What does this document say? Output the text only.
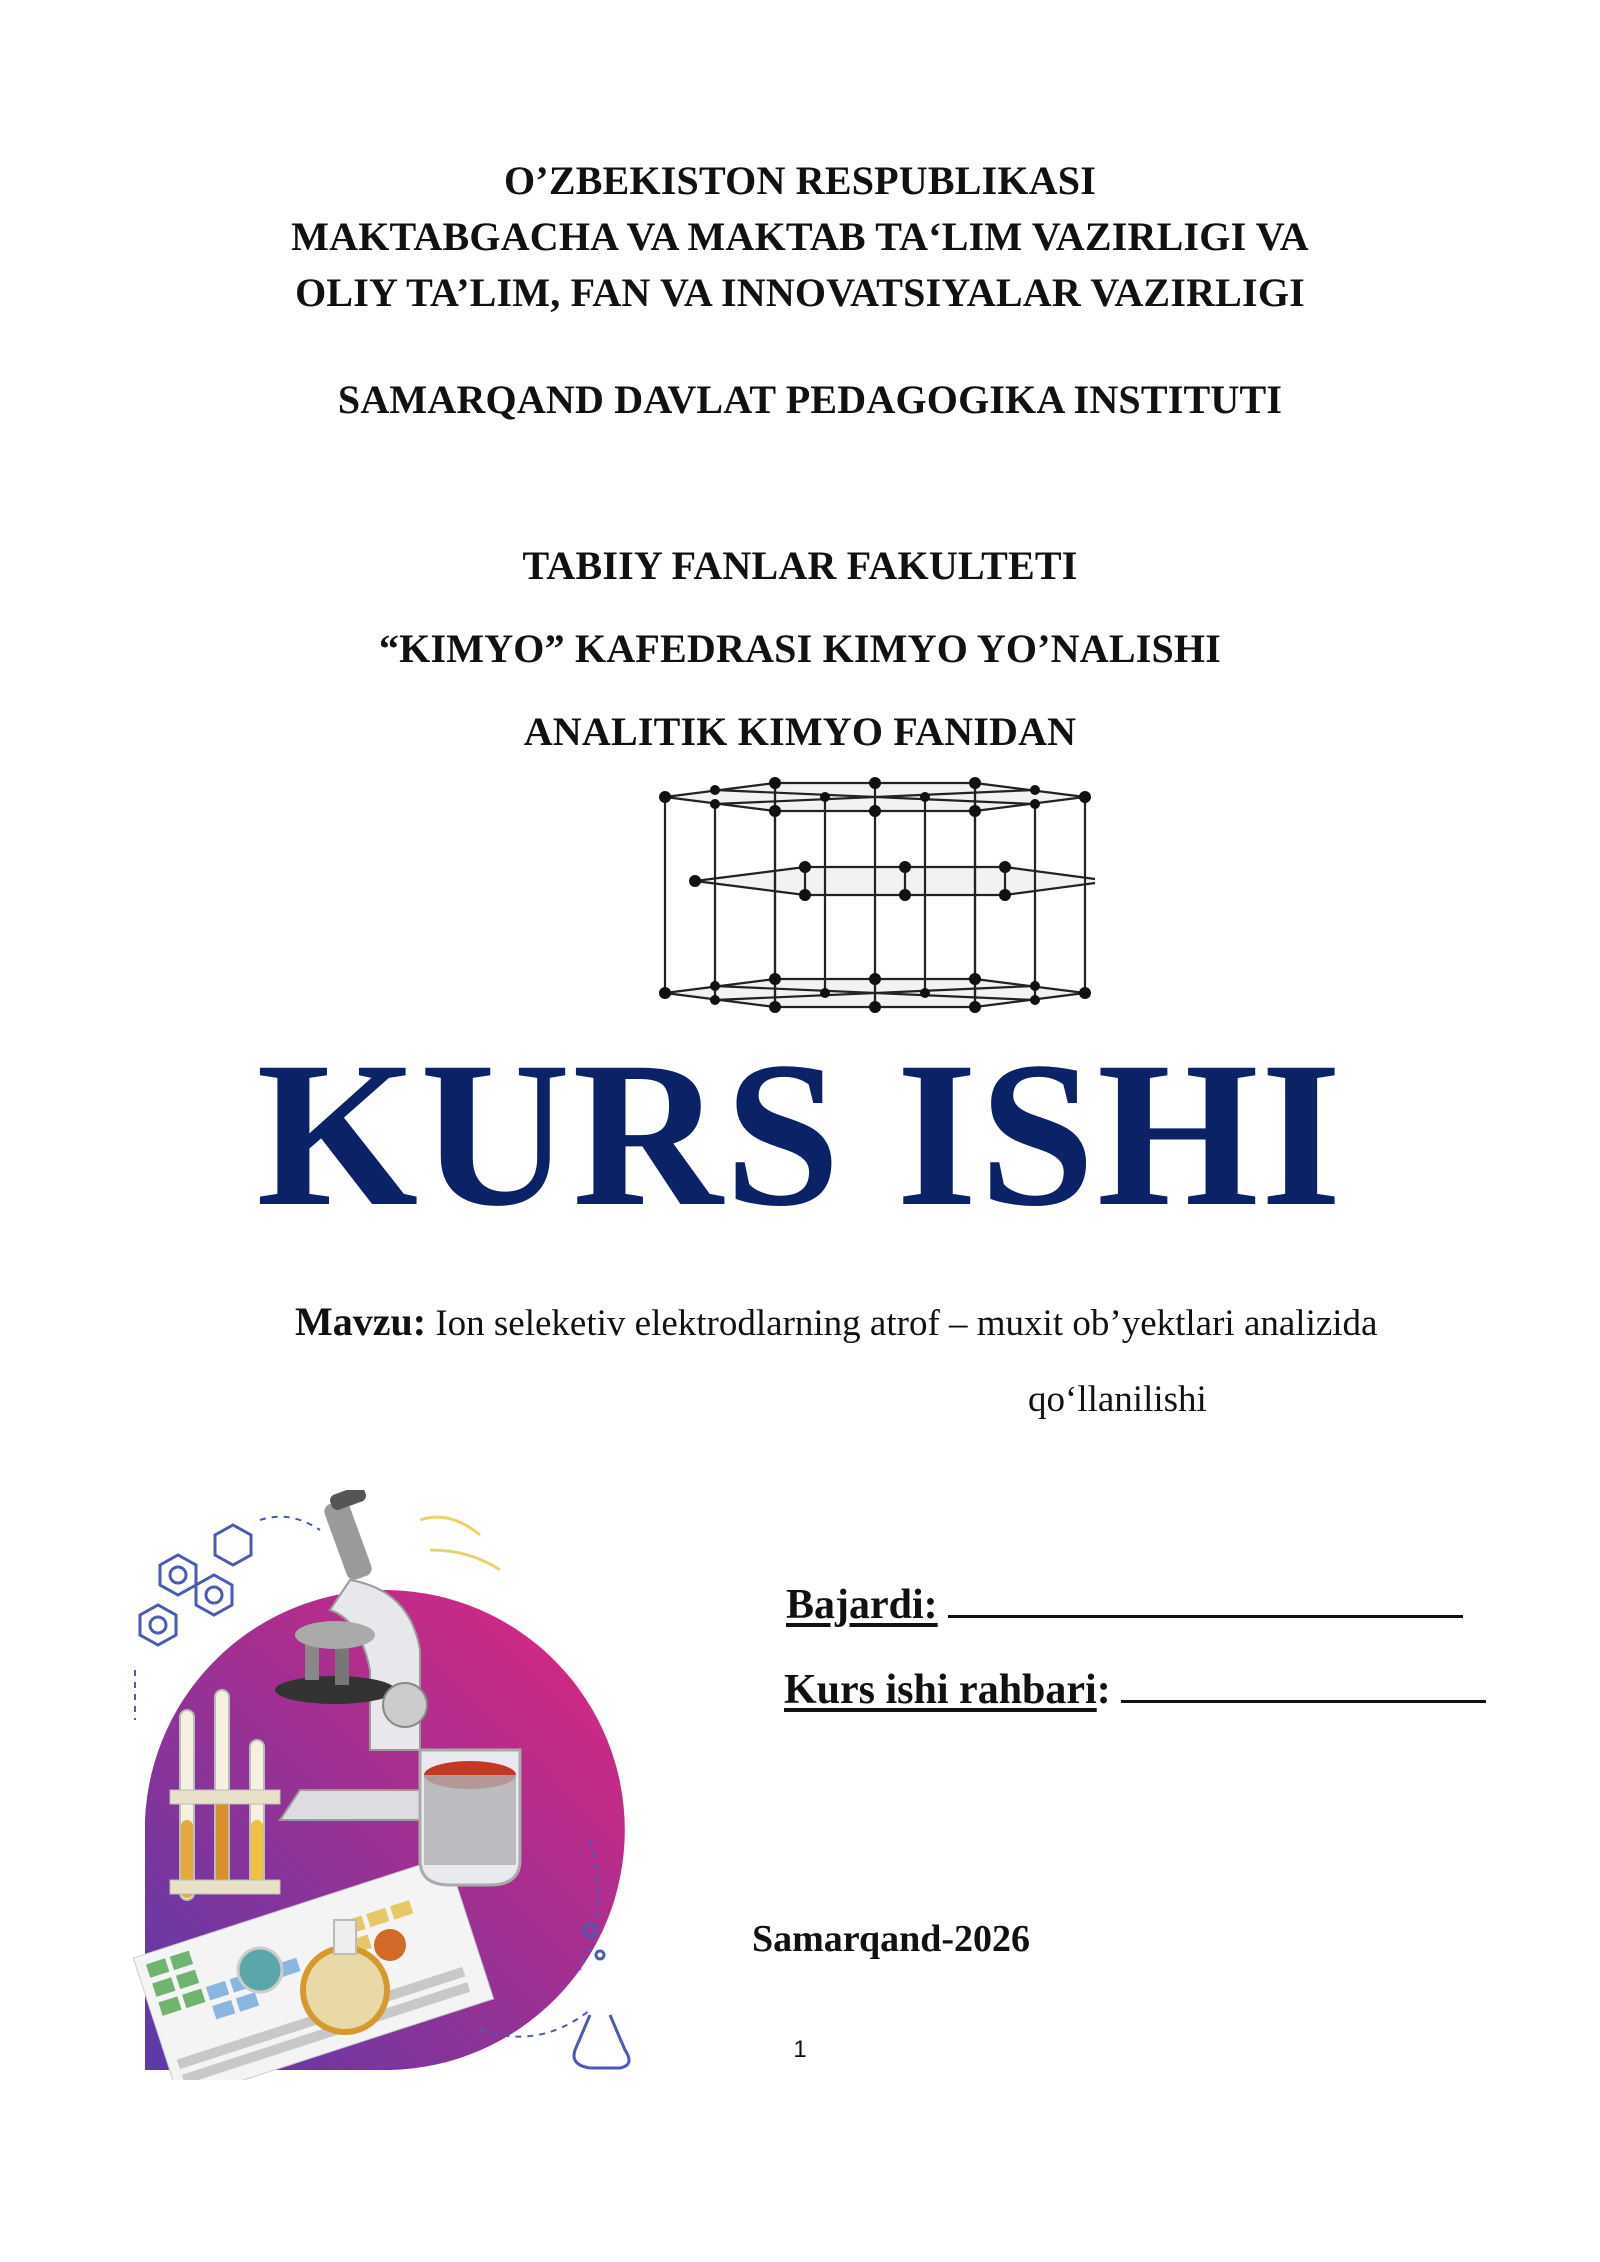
O’ZBEKISTON RESPUBLIKASI
MAKTABGACHA VA MAKTAB TA‘LIM VAZIRLIGI VA
OLIY TA’LIM, FAN VA INNOVATSIYALAR VAZIRLIGI
SAMARQAND DAVLAT PEDAGOGIKA INSTITUTI
TABIIY FANLAR FAKULTETI
“KIMYO” KAFEDRASI KIMYO YO’NALISHI
ANALITIK KIMYO FANIDAN
KURS ISHI
Mavzu: Ion seleketiv elektrodlarning atrof – muxit ob’yektlari analizida
qo‘llanilishi
Bajardi:
Kurs ishi rahbari:
Samarqand-2026
1
